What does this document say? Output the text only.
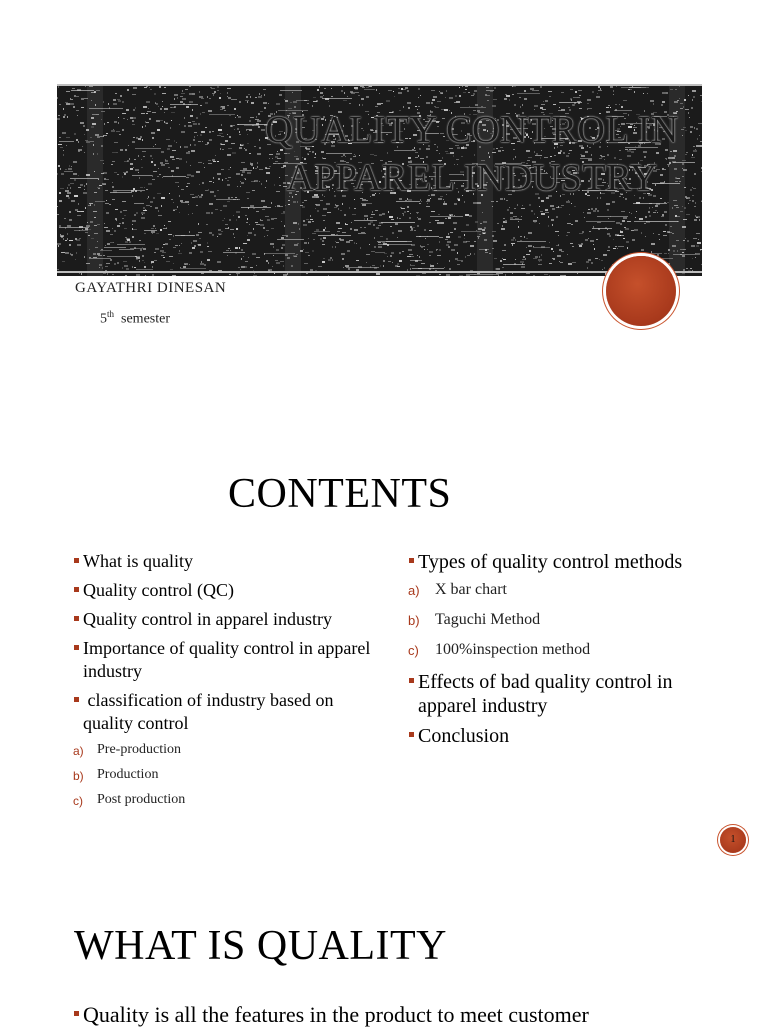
QUALITY CONTROL IN
APPAREL INDUSTRY
GAYATHRI DINESAN
5th semester
CONTENTS
What is quality
Quality control (QC)
Quality control in apparel industry
Importance of quality control in apparel industry
classification of industry based on quality control
a) Pre-production
b) Production
c) Post production
Types of quality control methods
a) X bar chart
b) Taguchi Method
c) 100%inspection method
Effects of bad quality control in apparel industry
Conclusion
1
WHAT IS QUALITY
Quality is all the features in the product to meet customer
